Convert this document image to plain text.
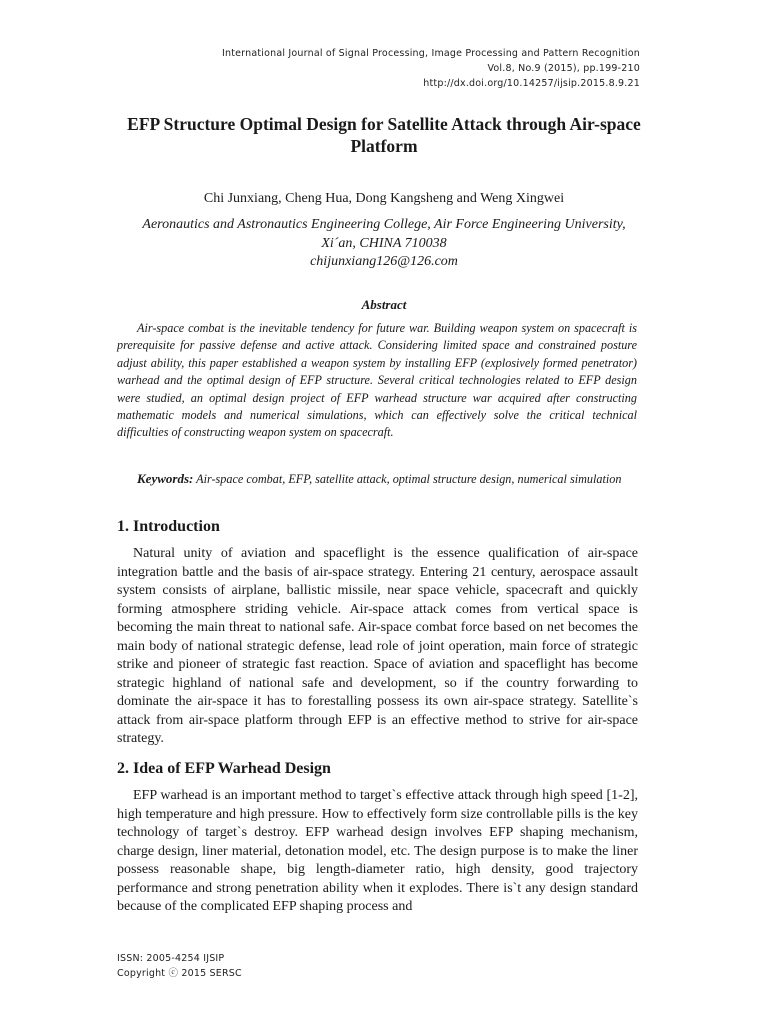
International Journal of Signal Processing, Image Processing and Pattern Recognition
Vol.8, No.9 (2015), pp.199-210
http://dx.doi.org/10.14257/ijsip.2015.8.9.21
EFP Structure Optimal Design for Satellite Attack through Air-space Platform
Chi Junxiang, Cheng Hua, Dong Kangsheng and Weng Xingwei
Aeronautics and Astronautics Engineering College, Air Force Engineering University,
Xi´an, CHINA 710038
chijunxiang126@126.com
Abstract
Air-space combat is the inevitable tendency for future war. Building weapon system on spacecraft is prerequisite for passive defense and active attack. Considering limited space and constrained posture adjust ability, this paper established a weapon system by installing EFP (explosively formed penetrator) warhead and the optimal design of EFP structure. Several critical technologies related to EFP design were studied, an optimal design project of EFP warhead structure war acquired after constructing mathematic models and numerical simulations, which can effectively solve the critical technical difficulties of constructing weapon system on spacecraft.
Keywords: Air-space combat, EFP, satellite attack, optimal structure design, numerical simulation
1. Introduction
Natural unity of aviation and spaceflight is the essence qualification of air-space integration battle and the basis of air-space strategy. Entering 21 century, aerospace assault system consists of airplane, ballistic missile, near space vehicle, spacecraft and quickly forming atmosphere striding vehicle. Air-space attack comes from vertical space is becoming the main threat to national safe. Air-space combat force based on net becomes the main body of national strategic defense, lead role of joint operation, main force of strategic strike and pioneer of strategic fast reaction. Space of aviation and spaceflight has become strategic highland of national safe and development, so if the country forwarding to dominate the air-space it has to forestalling possess its own air-space strategy. Satellite`s attack from air-space platform through EFP is an effective method to strive for air-space strategy.
2. Idea of EFP Warhead Design
EFP warhead is an important method to target`s effective attack through high speed [1-2], high temperature and high pressure. How to effectively form size controllable pills is the key technology of target`s destroy. EFP warhead design involves EFP shaping mechanism, charge design, liner material, detonation model, etc. The design purpose is to make the liner possess reasonable shape, big length-diameter ratio, high density, good trajectory performance and strong penetration ability when it explodes. There is`t any design standard because of the complicated EFP shaping process and
ISSN: 2005-4254 IJSIP
Copyright ⓒ 2015 SERSC
